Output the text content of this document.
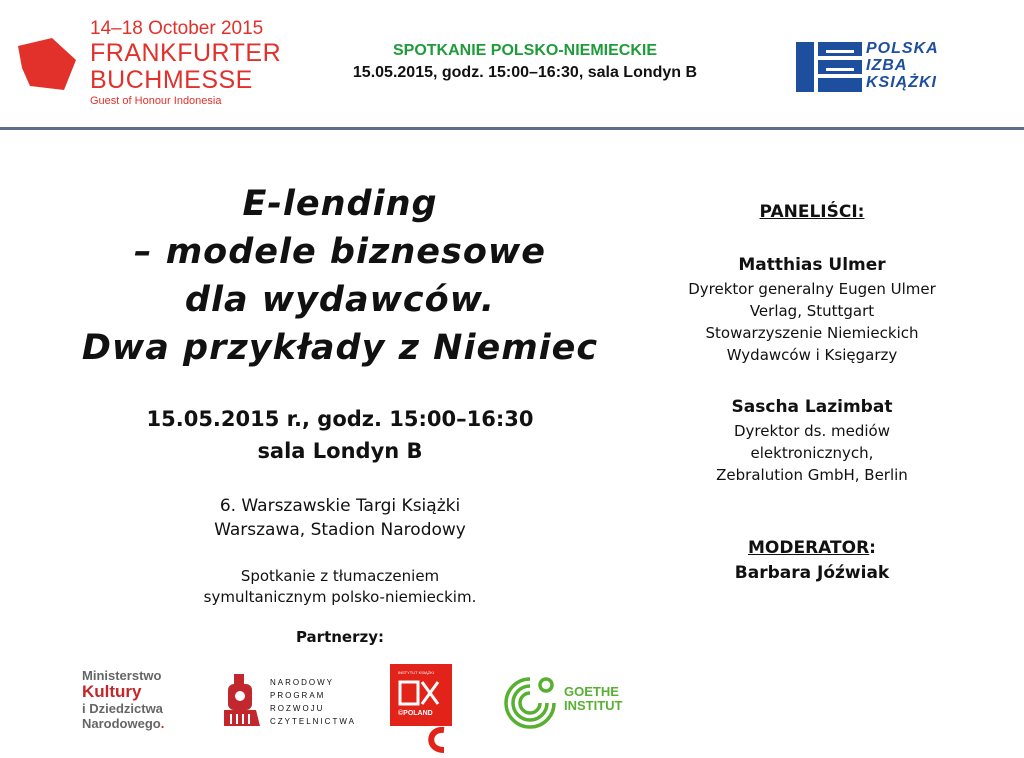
14–18 October 2015
FRANKFURTER
BUCHMESSE
Guest of Honour Indonesia
SPOTKANIE POLSKO-NIEMIECKIE
15.05.2015, godz. 15:00–16:30, sala Londyn B
POLSKA
IZBA
KSIĄŻKI
E-lending
– modele biznesowe
dla wydawców.
Dwa przykłady z Niemiec
15.05.2015 r., godz. 15:00–16:30
sala Londyn B
6. Warszawskie Targi Książki
Warszawa, Stadion Narodowy
Spotkanie z tłumaczeniem
symultanicznym polsko-niemieckim.
Partnerzy:
PANELIŚCI:
Matthias Ulmer
Dyrektor generalny Eugen Ulmer
Verlag, Stuttgart
Stowarzyszenie Niemieckich
Wydawców i Księgarzy
Sascha Lazimbat
Dyrektor ds. mediów
elektronicznych,
Zebralution GmbH, Berlin
MODERATOR:
Barbara Jóźwiak
Ministerstwo
Kultury
i Dziedzictwa
Narodowego.
NARODOWY
PROGRAM
ROZWOJU
CZYTELNICTWA
INSTYTUT KSIĄŻKI
©POLAND
GOETHE
INSTITUT
